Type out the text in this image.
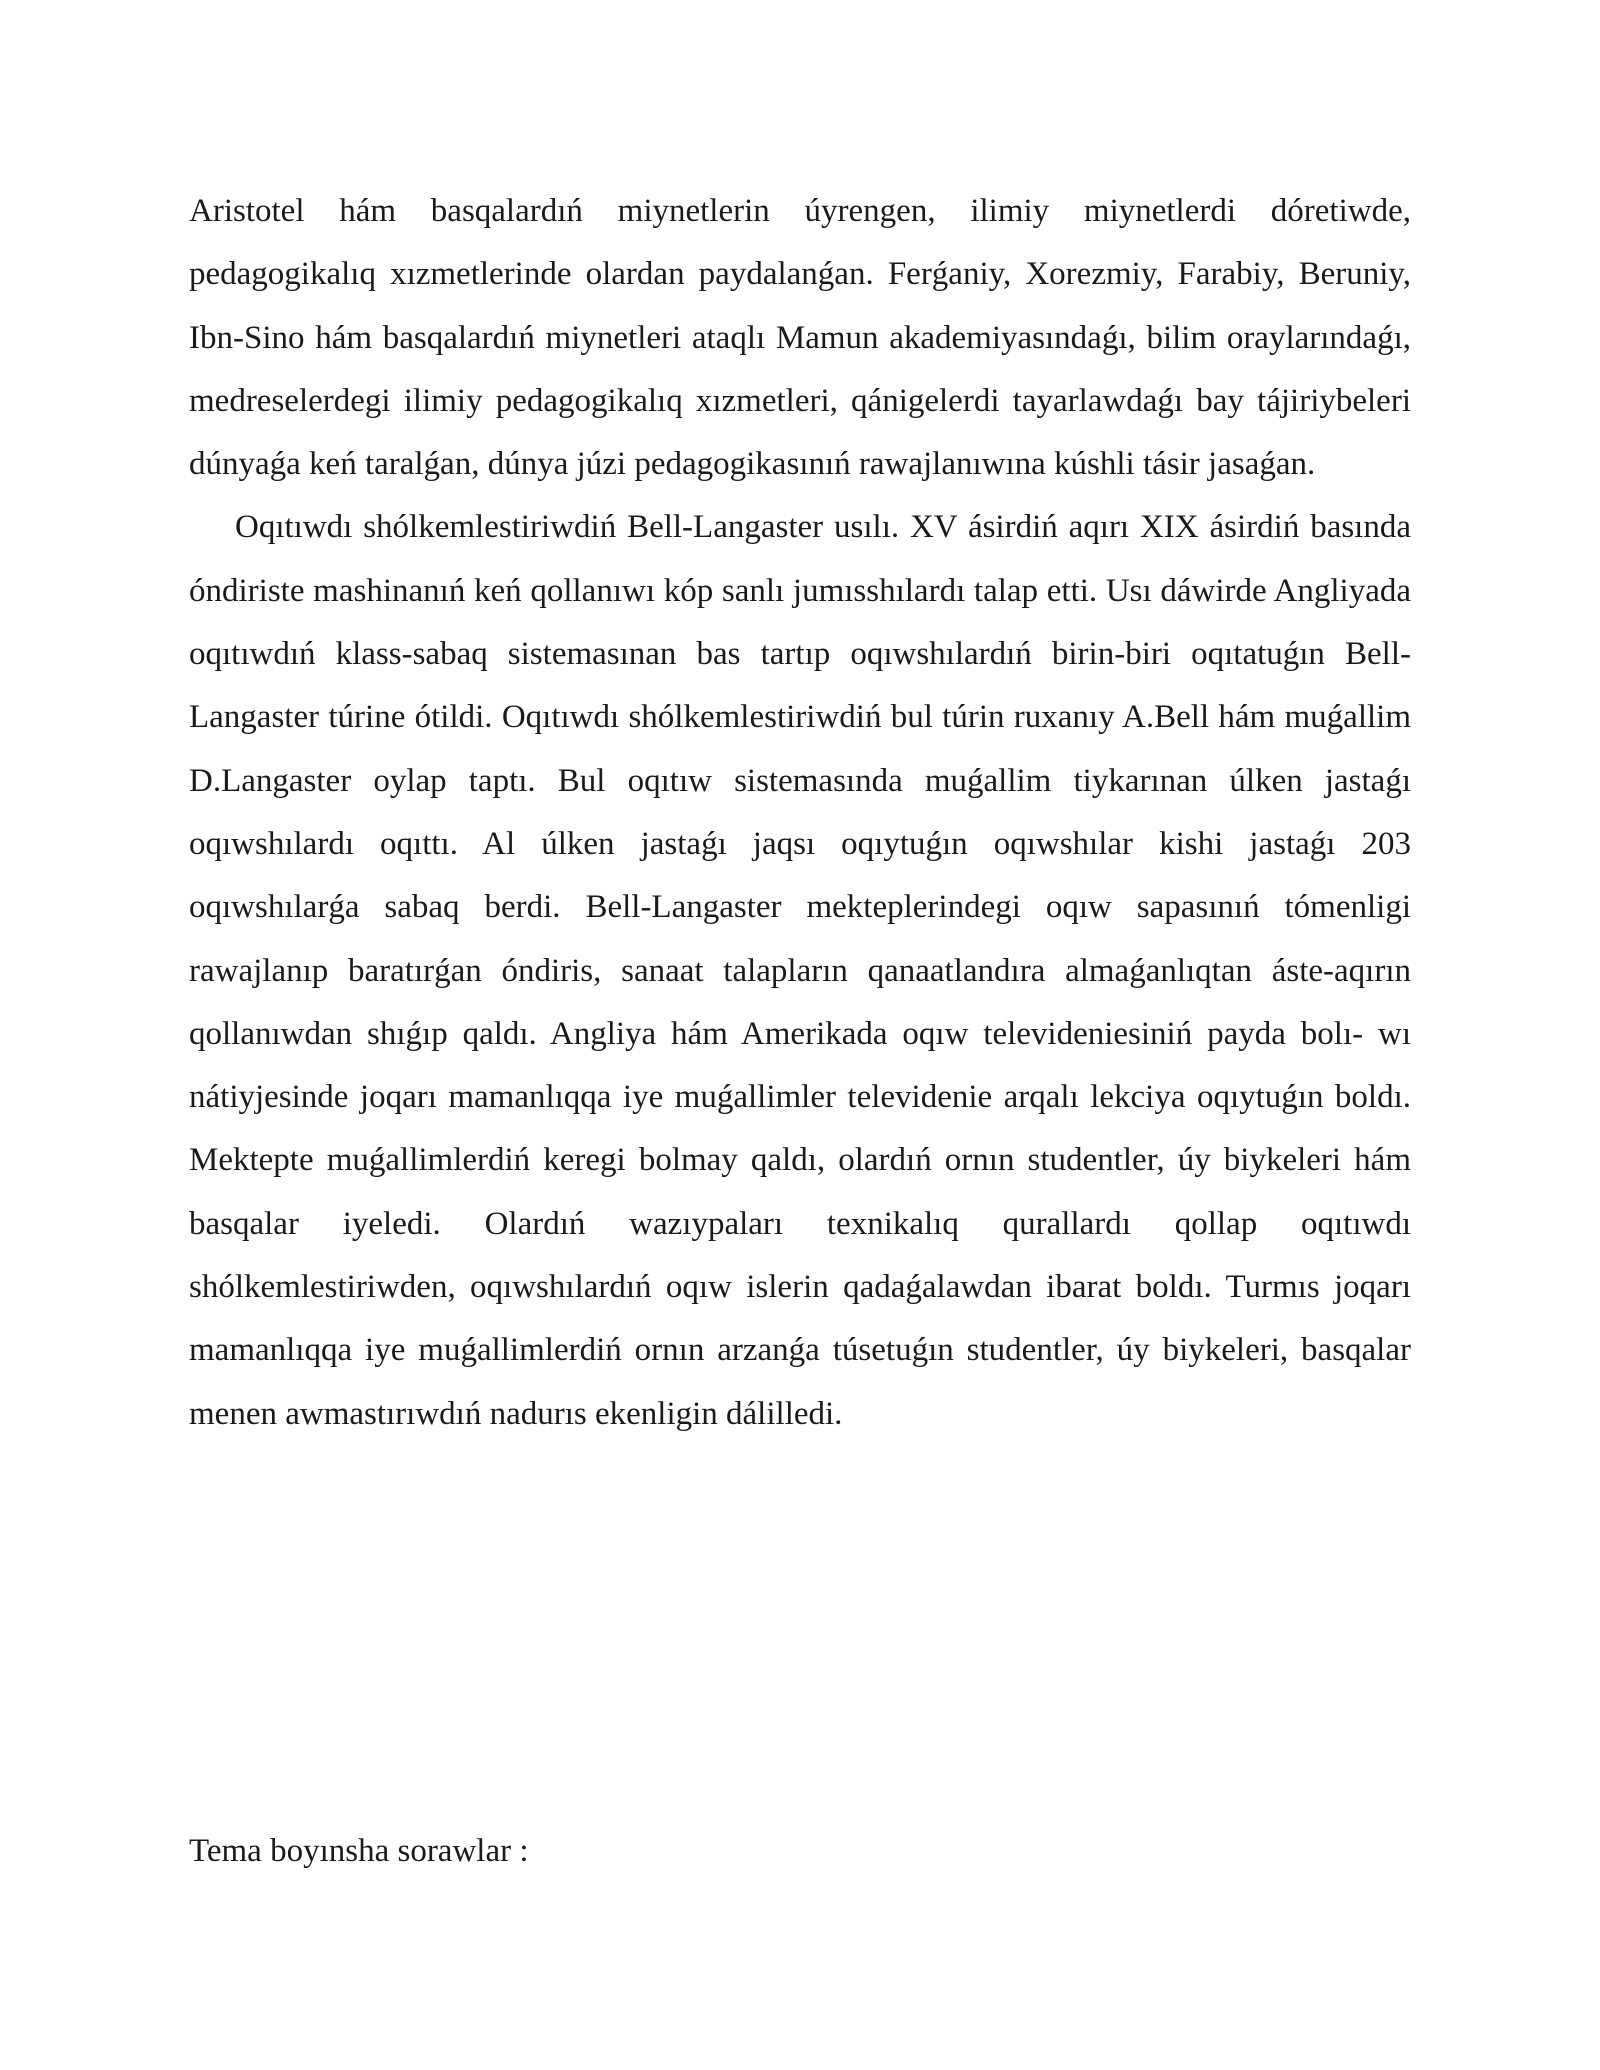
Aristotel hám basqalardıń miynetlerin úyrengen, ilimiy miynetlerdi dóretiwde, pedagogikalıq xızmetlerinde olardan paydalanǵan. Ferǵaniy, Xorezmiy, Farabiy, Beruniy, Ibn-Sino hám basqalardıń miynetleri ataqlı Mamun akademiyasındaǵı, bilim oraylarındaǵı, medreselerdegi ilimiy pedagogikalıq xızmetleri, qánigelerdi tayarlawdaǵı bay tájiriybeleri dúnyaǵa keń taralǵan, dúnya júzi pedagogikasınıń rawajlanıwına kúshli tásir jasaǵan.

Oqıtıwdı shólkemlestiriwdiń Bell-Langaster usılı. XV ásirdiń aqırı XIX ásirdiń basında óndiriste mashinanıń keń qollanıwı kóp sanlı jumısshılardı talap etti. Usı dáwirde Angliyada oqıtıwdıń klass-sabaq sistemasınan bas tartıp oqıwshılardıń birin-biri oqıtatuǵın Bell-Langaster túrine ótildi. Oqıtıwdı shólkemlestiriwdiń bul túrin ruxanıy A.Bell hám muǵallim D.Langaster oylap taptı. Bul oqıtıw sistemasında muǵallim tiykarınan úlken jastaǵı oqıwshılardı oqıttı. Al úlken jastaǵı jaqsı oqıytuǵın oqıwshılar kishi jastaǵı 203 oqıwshılarǵa sabaq berdi. Bell-Langaster mekteplerindegi oqıw sapasınıń tómenligi rawajlanıp baratırǵan óndiris, sanaat talapların qanaatlandıra almaǵanlıqtan áste-aqırın qollanıwdan shıǵıp qaldı. Angliya hám Amerikada oqıw televideniesiniń payda bolı- wı nátiyjesinde joqarı mamanlıqqa iye muǵallimler televidenie arqalı lekciya oqıytuǵın boldı. Mektepte muǵallimlerdiń keregi bolmay qaldı, olardıń ornın studentler, úy biykeleri hám basqalar iyeledi. Olardıń wazıypaları texnikalıq qurallardı qollap oqıtıwdı shólkemlestiriwden, oqıwshılardıń oqıw islerin qadaǵalawdan ibarat boldı. Turmıs joqarı mamanlıqqa iye muǵallimlerdiń ornın arzanǵa túsetuǵın studentler, úy biykeleri, basqalar menen awmastırıwdıń nadurıs ekenligin dálilledi.

Tema boyınsha sorawlar :
